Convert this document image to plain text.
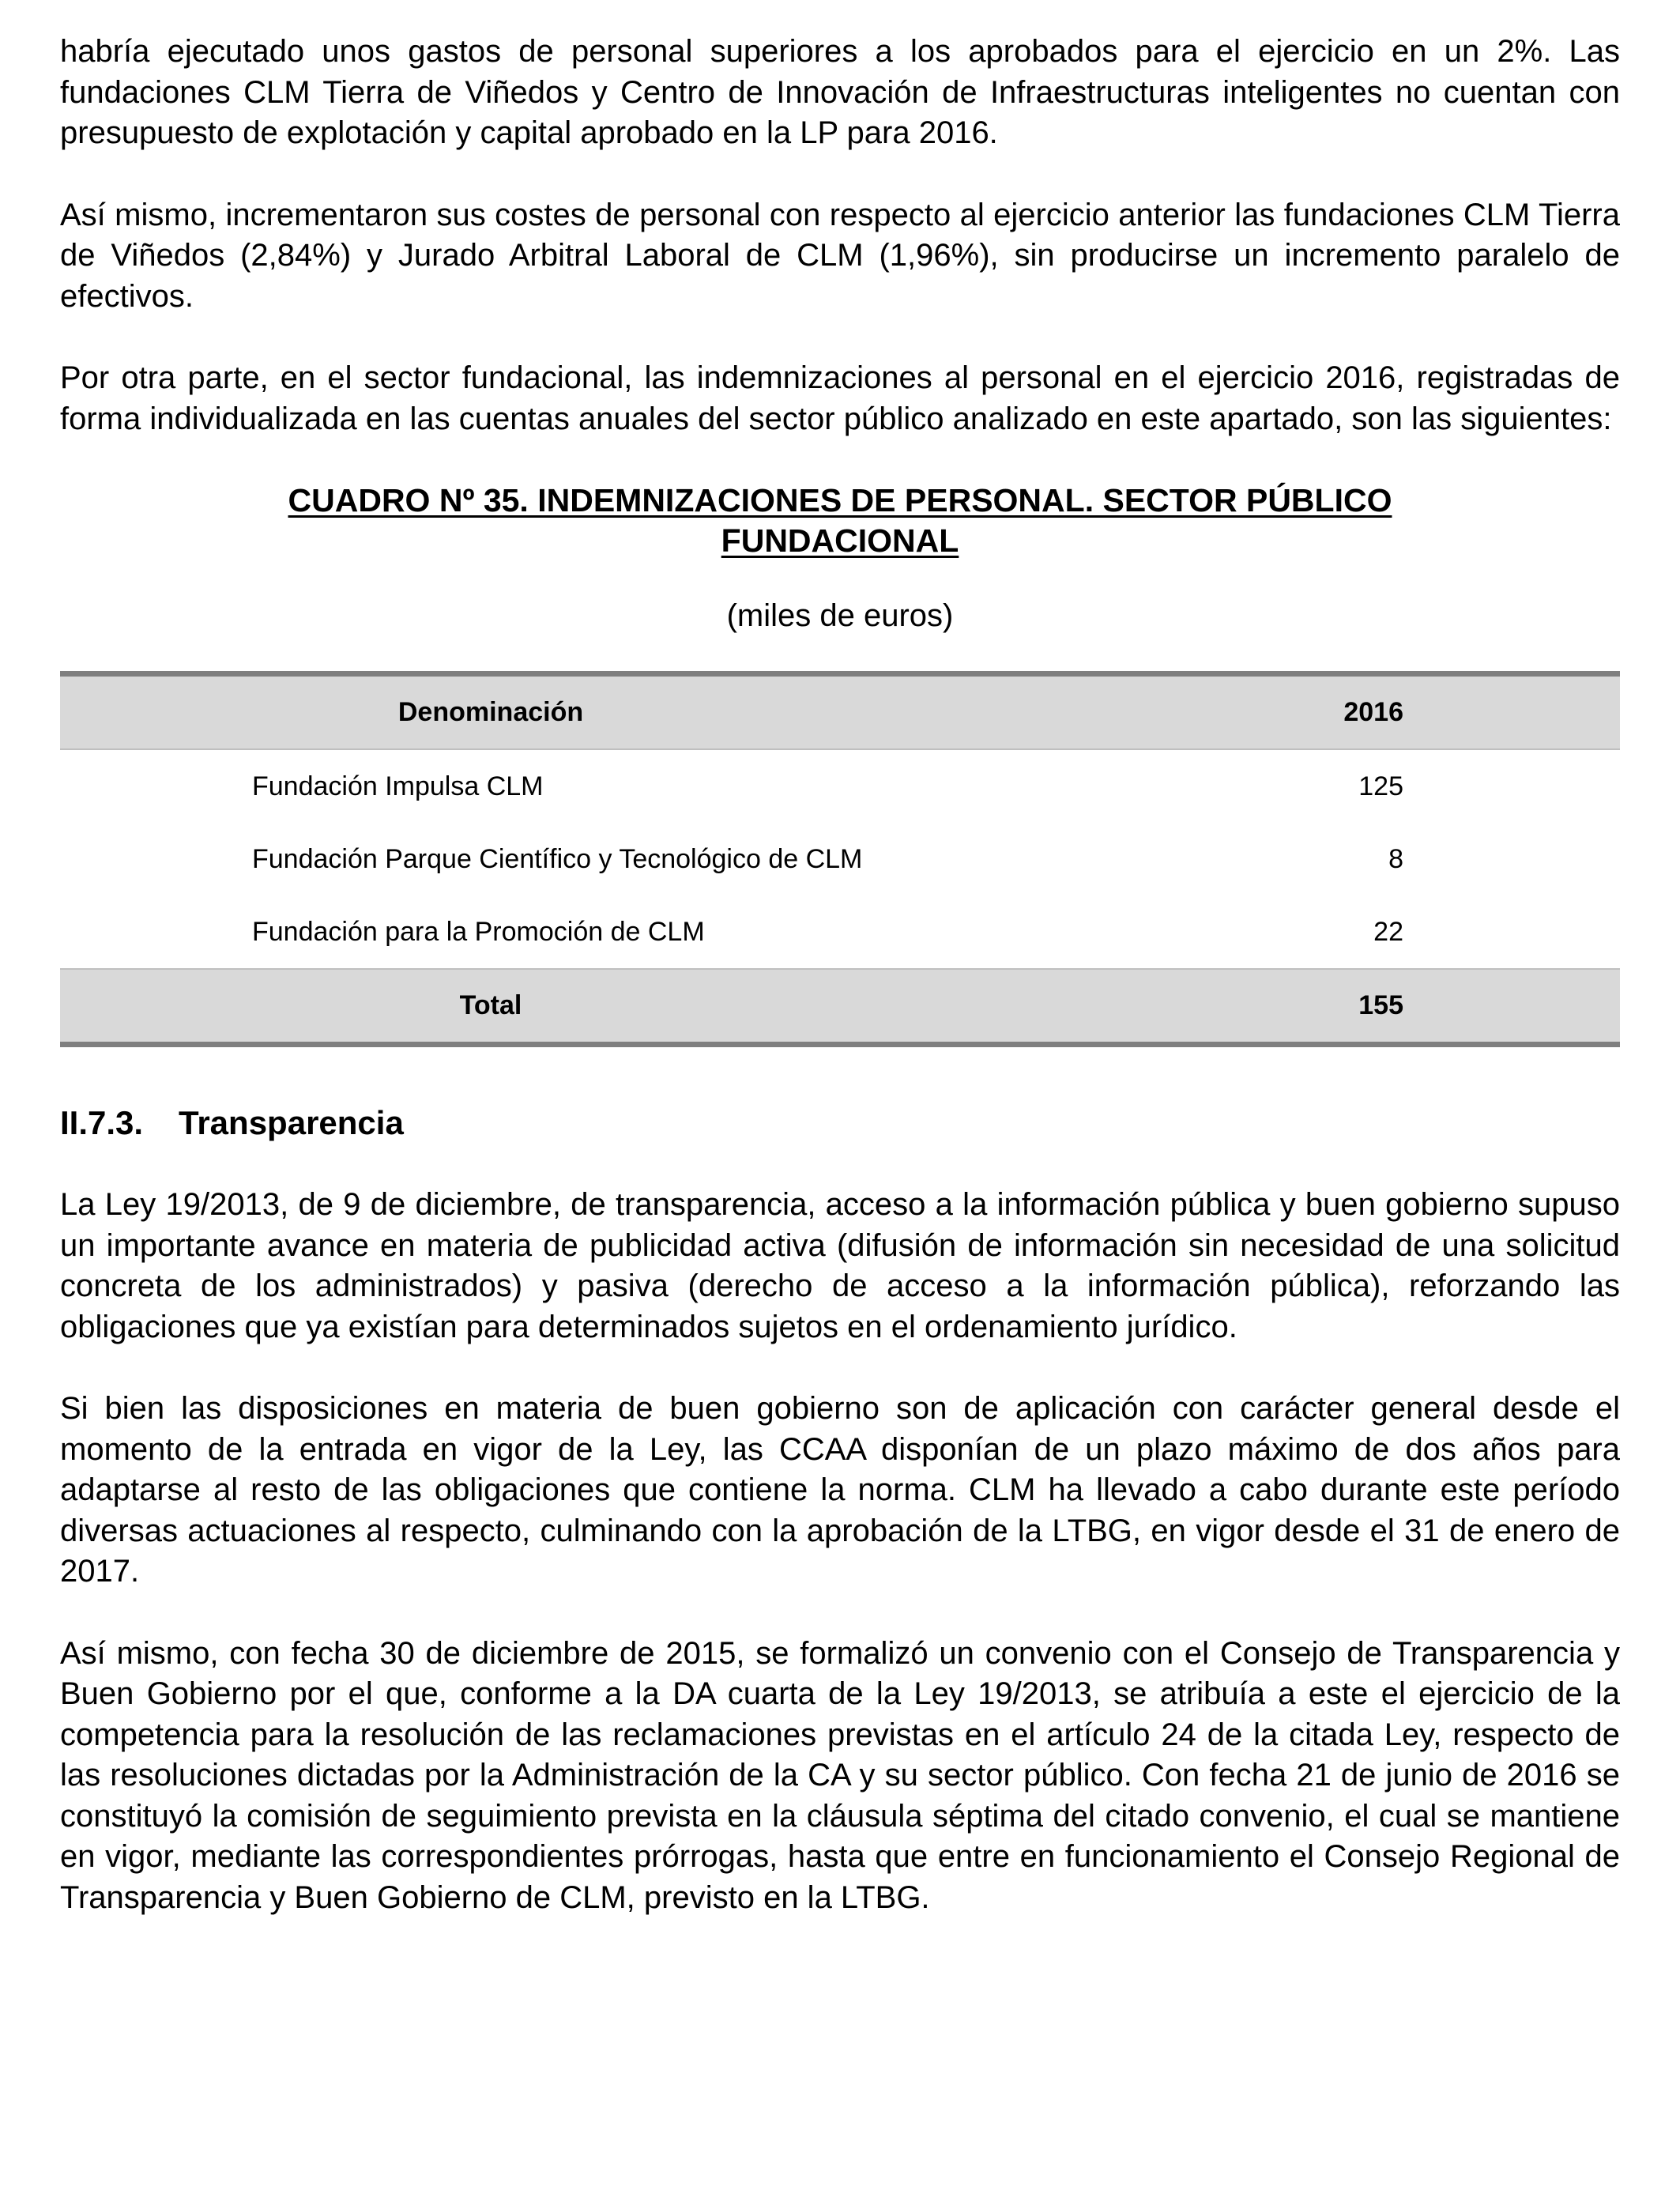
habría ejecutado unos gastos de personal superiores a los aprobados para el ejercicio en un 2%. Las fundaciones CLM Tierra de Viñedos y Centro de Innovación de Infraestructuras inteligentes no cuentan con presupuesto de explotación y capital aprobado en la LP para 2016.

Así mismo, incrementaron sus costes de personal con respecto al ejercicio anterior las fundaciones CLM Tierra de Viñedos (2,84%) y Jurado Arbitral Laboral de CLM (1,96%), sin producirse un incremento paralelo de efectivos.

Por otra parte, en el sector fundacional, las indemnizaciones al personal en el ejercicio 2016, registradas de forma individualizada en las cuentas anuales del sector público analizado en este apartado, son las siguientes:

CUADRO Nº 35. INDEMNIZACIONES DE PERSONAL. SECTOR PÚBLICO FUNDACIONAL
(miles de euros)
Denominación	2016
Fundación Impulsa CLM	125
Fundación Parque Científico y Tecnológico de CLM	8
Fundación para la Promoción de CLM	22
Total	155
II.7.3.	Transparencia

La Ley 19/2013, de 9 de diciembre, de transparencia, acceso a la información pública y buen gobierno supuso un importante avance en materia de publicidad activa (difusión de información sin necesidad de una solicitud concreta de los administrados) y pasiva (derecho de acceso a la información pública), reforzando las obligaciones que ya existían para determinados sujetos en el ordenamiento jurídico.

Si bien las disposiciones en materia de buen gobierno son de aplicación con carácter general desde el momento de la entrada en vigor de la Ley, las CCAA disponían de un plazo máximo de dos años para adaptarse al resto de las obligaciones que contiene la norma. CLM ha llevado a cabo durante este período diversas actuaciones al respecto, culminando con la aprobación de la LTBG, en vigor desde el 31 de enero de 2017.

Así mismo, con fecha 30 de diciembre de 2015, se formalizó un convenio con el Consejo de Transparencia y Buen Gobierno por el que, conforme a la DA cuarta de la Ley 19/2013, se atribuía a este el ejercicio de la competencia para la resolución de las reclamaciones previstas en el artículo 24 de la citada Ley, respecto de las resoluciones dictadas por la Administración de la CA y su sector público. Con fecha 21 de junio de 2016 se constituyó la comisión de seguimiento prevista en la cláusula séptima del citado convenio, el cual se mantiene en vigor, mediante las correspondientes prórrogas, hasta que entre en funcionamiento el Consejo Regional de Transparencia y Buen Gobierno de CLM, previsto en la LTBG.
